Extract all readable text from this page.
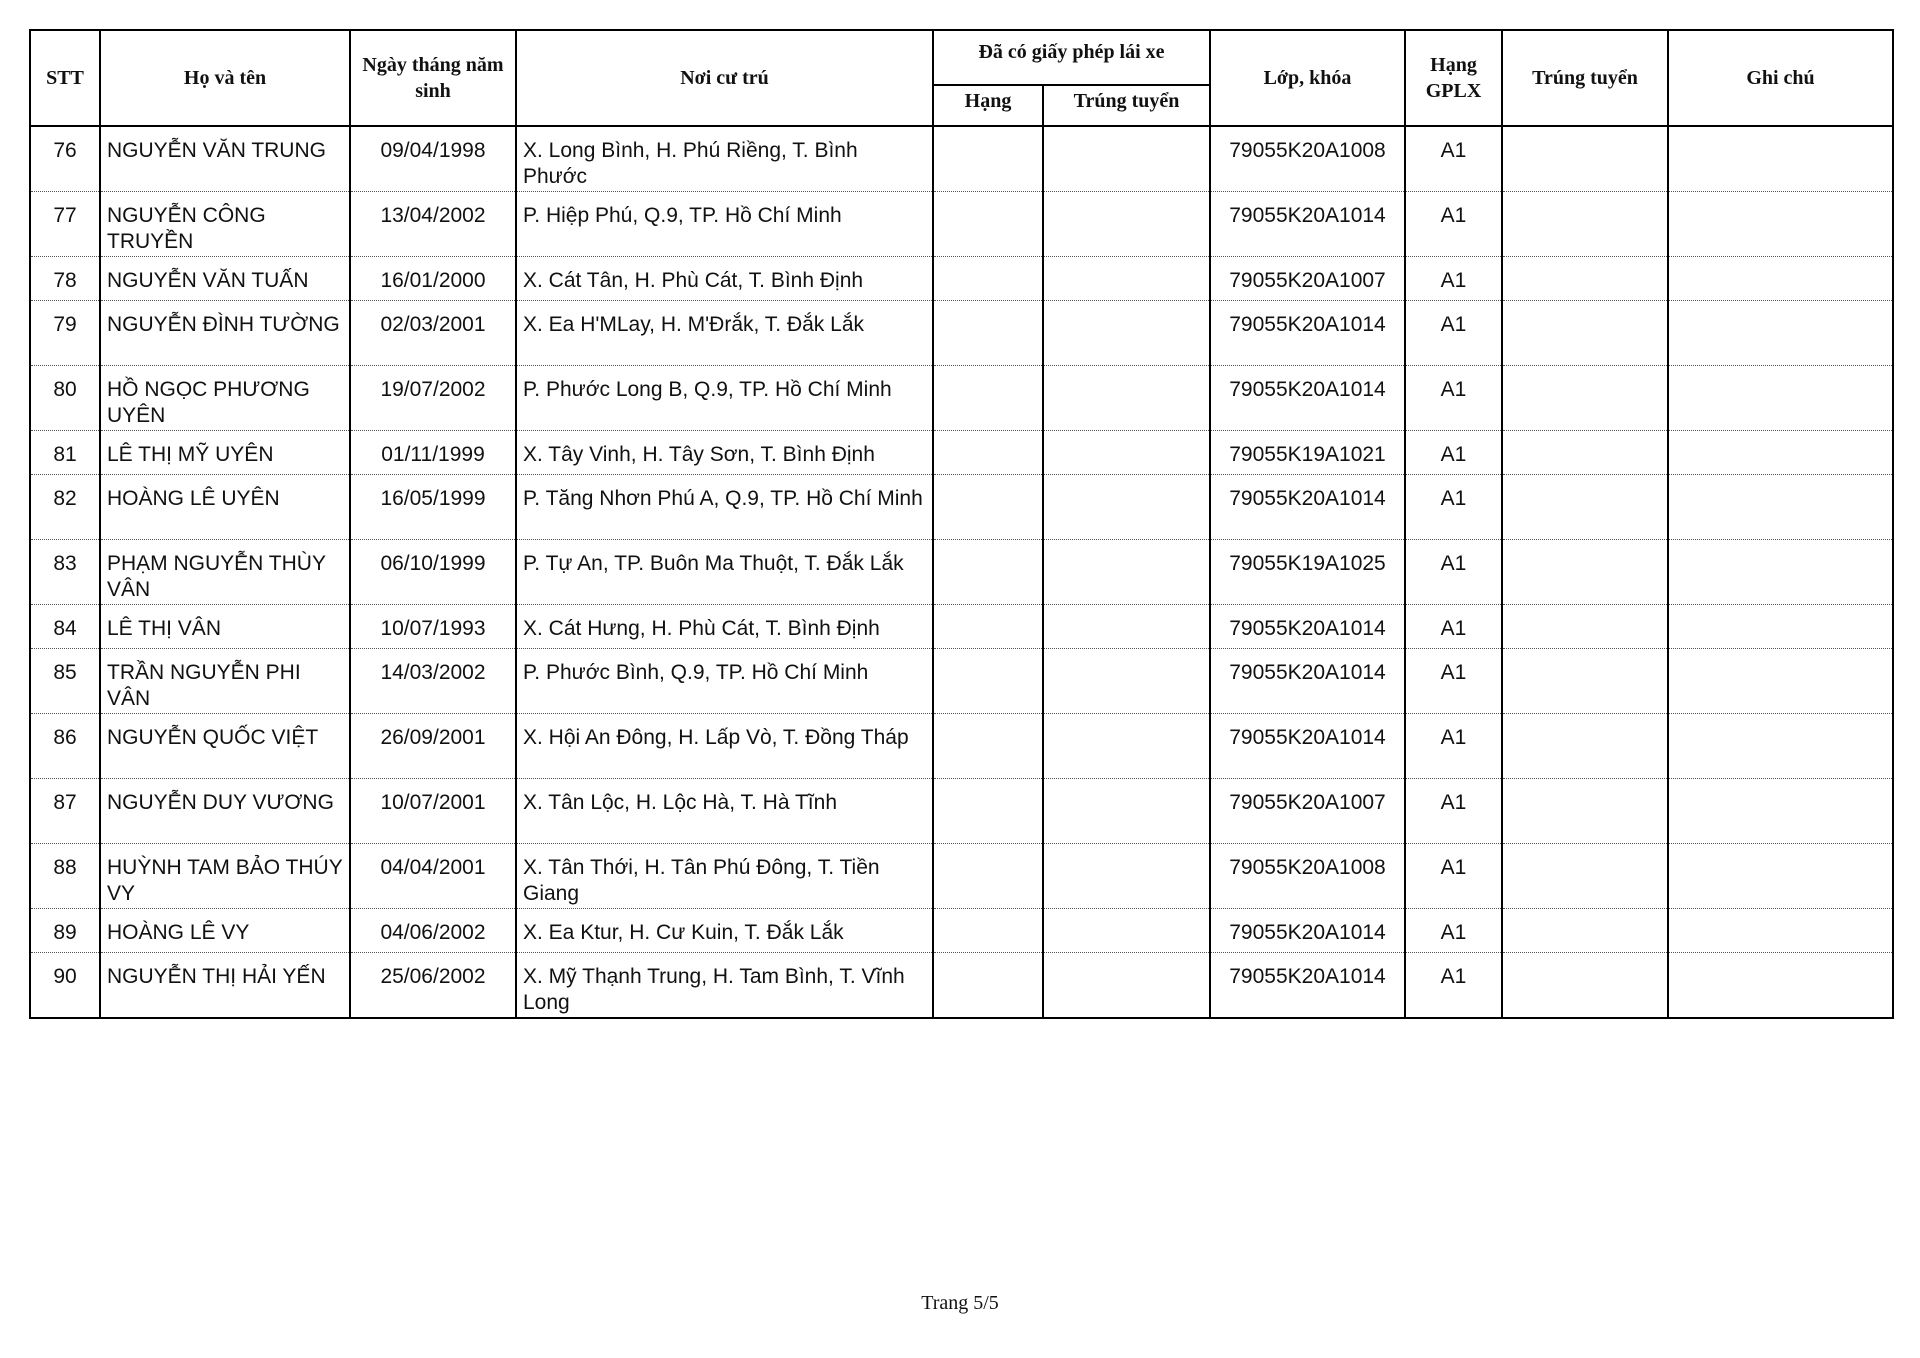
STT	Họ và tên	Ngày tháng năm sinh	Nơi cư trú	Đã có giấy phép lái xe		Lớp, khóa	Hạng GPLX	Trúng tuyển	Ghi chú
				Hạng	Trúng tuyển				
76	NGUYỄN VĂN TRUNG	09/04/1998	X. Long Bình, H. Phú Riềng, T. Bình Phước			79055K20A1008	A1		
77	NGUYỄN CÔNG TRUYỀN	13/04/2002	P. Hiệp Phú, Q.9, TP. Hồ Chí Minh			79055K20A1014	A1		
78	NGUYỄN VĂN TUẤN	16/01/2000	X. Cát Tân, H. Phù Cát, T. Bình Định			79055K20A1007	A1		
79	NGUYỄN ĐÌNH TƯỜNG	02/03/2001	X. Ea H'MLay, H. M'Đrắk, T. Đắk Lắk			79055K20A1014	A1		
80	HỒ NGỌC PHƯƠNG UYÊN	19/07/2002	P. Phước Long B, Q.9, TP. Hồ Chí Minh			79055K20A1014	A1		
81	LÊ THỊ MỸ UYÊN	01/11/1999	X. Tây Vinh, H. Tây Sơn, T. Bình Định			79055K19A1021	A1		
82	HOÀNG LÊ UYÊN	16/05/1999	P. Tăng Nhơn Phú A, Q.9, TP. Hồ Chí Minh			79055K20A1014	A1		
83	PHẠM NGUYỄN THÙY VÂN	06/10/1999	P. Tự An, TP. Buôn Ma Thuột, T. Đắk Lắk			79055K19A1025	A1		
84	LÊ THỊ VÂN	10/07/1993	X. Cát Hưng, H. Phù Cát, T. Bình Định			79055K20A1014	A1		
85	TRẦN NGUYỄN PHI VÂN	14/03/2002	P. Phước Bình, Q.9, TP. Hồ Chí Minh			79055K20A1014	A1		
86	NGUYỄN QUỐC VIỆT	26/09/2001	X. Hội An Đông, H. Lấp Vò, T. Đồng Tháp			79055K20A1014	A1		
87	NGUYỄN DUY VƯƠNG	10/07/2001	X. Tân Lộc, H. Lộc Hà, T. Hà Tĩnh			79055K20A1007	A1		
88	HUỲNH TAM BẢO THÚY VY	04/04/2001	X. Tân Thới, H. Tân Phú Đông, T. Tiền Giang			79055K20A1008	A1		
89	HOÀNG LÊ VY	04/06/2002	X. Ea Ktur, H. Cư Kuin, T. Đắk Lắk			79055K20A1014	A1		
90	NGUYỄN THỊ HẢI YẾN	25/06/2002	X. Mỹ Thạnh Trung, H. Tam Bình, T. Vĩnh Long			79055K20A1014	A1		
Trang 5/5
